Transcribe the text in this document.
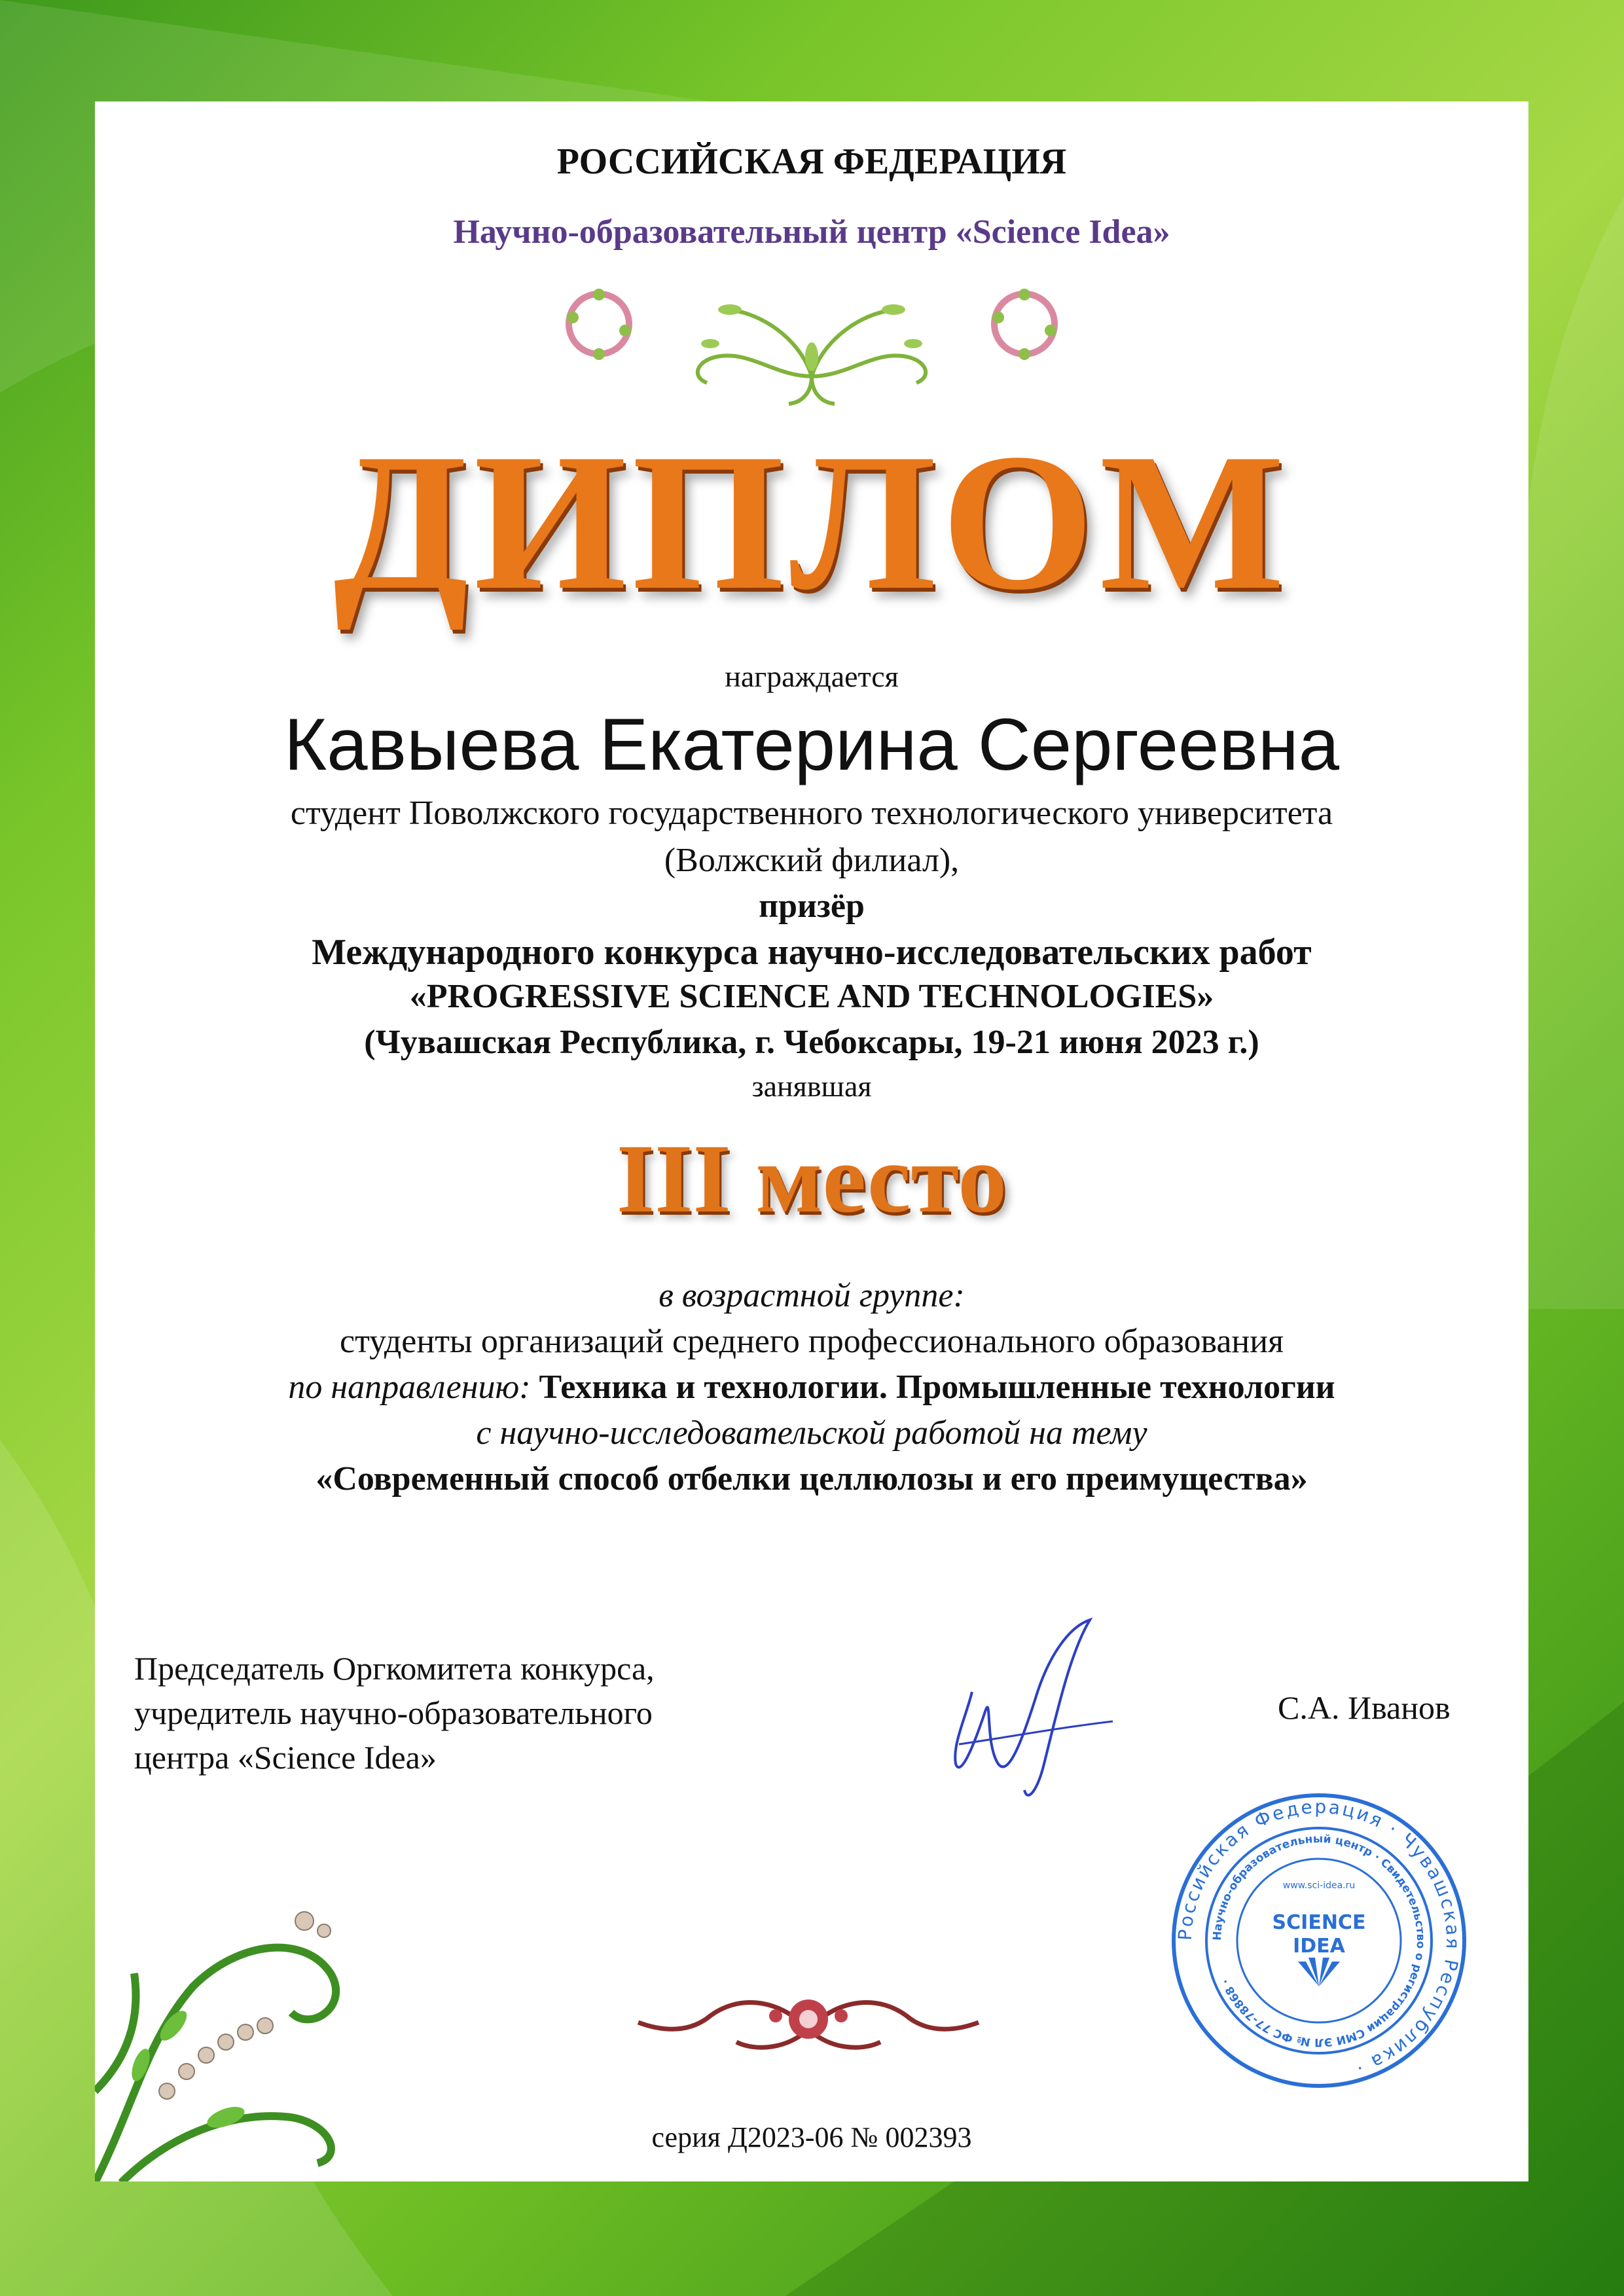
РОССИЙСКАЯ ФЕДЕРАЦИЯ
Научно-образовательный центр «Science Idea»
ДИПЛОМ
награждается
Кавыева Екатерина Сергеевна
студент Поволжского государственного технологического университета
(Волжский филиал),
призёр
Международного конкурса научно-исследовательских работ
«PROGRESSIVE SCIENCE AND TECHNOLOGIES»
(Чувашская Республика, г. Чебоксары, 19-21 июня 2023 г.)
занявшая
III место
в возрастной группе:
студенты организаций среднего профессионального образования
по направлению: Техника и технологии. Промышленные технологии
с научно-исследовательской работой на тему
«Современный способ отбелки целлюлозы и его преимущества»
Председатель Оргкомитета конкурса,
учредитель научно-образовательного
центра «Science Idea»
С.А. Иванов
Российская Федерация · Чувашская Республика ·
Научно-образовательный центр · Свидетельство о регистрации СМИ ЭЛ № ФС 77-78868 ·
SCIENCE
IDEA
www.sci-idea.ru
серия Д2023-06 № 002393
